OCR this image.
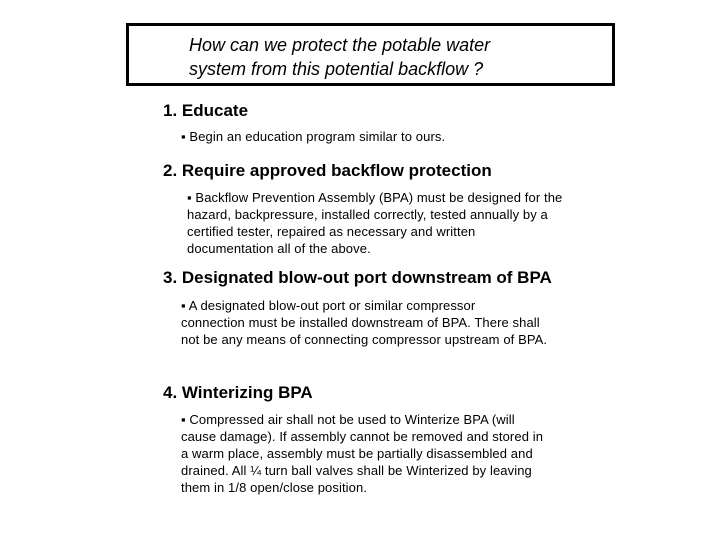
How can we protect the potable water
system from this potential backflow ?

1. Educate

▪ Begin an education program similar to ours.

2. Require approved backflow protection

▪ Backflow Prevention Assembly (BPA) must be designed for the
hazard, backpressure, installed correctly, tested annually by a
certified tester, repaired as necessary and written
documentation all of the above.

3. Designated blow-out port downstream of BPA

▪ A designated blow-out port or similar compressor
connection must be installed downstream of BPA. There shall
not be any means of connecting compressor upstream of BPA.

4. Winterizing BPA

▪ Compressed air shall not be used to Winterize BPA (will
cause damage). If assembly cannot be removed and stored in
a warm place, assembly must be partially disassembled and
drained. All ¼ turn ball valves shall be Winterized by leaving
them in 1/8 open/close position.
